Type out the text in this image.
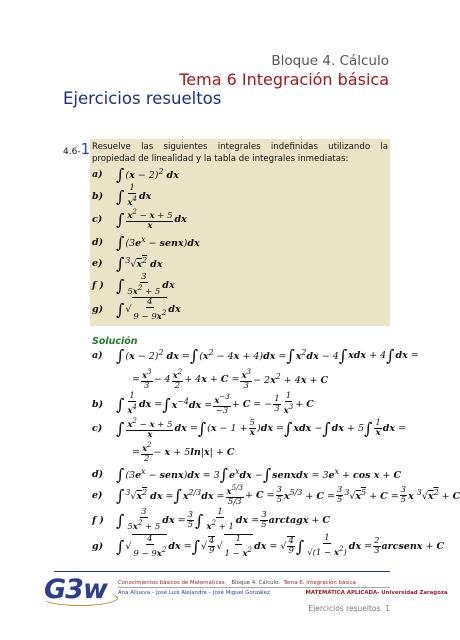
Bloque 4. Cálculo
Tema 6 Integración básica
Ejercicios resueltos
4.6-1 Resuelve las siguientes integrales indefinidas utilizando la propiedad de linealidad y la tabla de integrales inmediatas:
a) ∫ $(x - 2)^2$ dx
b) ∫ $\frac{1}{x^4}$ dx
c) ∫ $\frac{x^2 - x + 5}{x}$ dx
d) ∫ ($3e^x$ − senx)dx
e) ∫ $^3√x^2$ dx
f ) ∫ $\frac{3}{5x^2 + 5}$ dx
g) ∫ √ $\frac{4}{9 - 9x^2}$ dx
Solución
a) ∫ $(x - 2)^2$ dx = ∫ $(x^2 - 4x + 4)dx$ = ∫ $x^2dx - 4$ ∫ xdx + 4 ∫ dx =
= $\frac{x^3}{3} - 4 \frac{x^2}{2} + 4x + C = \frac{x^3}{3} - 2x^2 + 4x + C$
b) ∫ $\frac{1}{x^4}$ dx = ∫ $x^{-4}dx = \frac{x^{-3}}{-3} + C$ = − $\frac{1}{3} \frac{1}{x^3} + C$
c) ∫ $\frac{x^2 - x + 5}{x}$ dx = ∫ $(x - 1 + \frac{5}{x} )dx$ = ∫ xdx − ∫ dx + 5 ∫ $\frac{1}{x}$ dx =
= $\frac{x^2}{2} - x + 5\ln|x| + C$
d) ∫ ($3e^x$ − senx)dx = 3 ∫ $e^xdx$ − ∫ senxdx = $3e^x + \cos x + C$
e) ∫ $^3√x^2$ dx = ∫ $x^{2/3}dx = \frac{x^{5/3}}{5/3} + C = \frac{3}{5} x^{5/3} + C = \frac{3}{5} ^3√x^5 + C = \frac{3}{5}$ x $^3√x^2 + C$
f ) ∫ $\frac{3}{5x^2 + 5}$ dx = $\frac{3}{5}$ ∫ $\frac{1}{x^2 + 1}$ dx = $\frac{3}{5}$ arctagx + C
g) ∫ √ $\frac{4}{9 - 9x^2}$ dx = ∫ √ $\frac{4}{9}$ √ $\frac{1}{1 - x^2}$ dx = √ $\frac{4}{9}$ ∫ $\frac{1}{√(1 - x^2)}$ dx = $\frac{2}{3}$ arcsenx + C
G3w Conocimientos básicos de Matemáticas. Bloque 4. Cálculo. Tema 6. Integración básica
Ana Allueva – José Luis Alejandre – José Miguel González	MATEMÁTICA APLICADA- Universidad Zaragoza
Ejercicios resueltos 1
